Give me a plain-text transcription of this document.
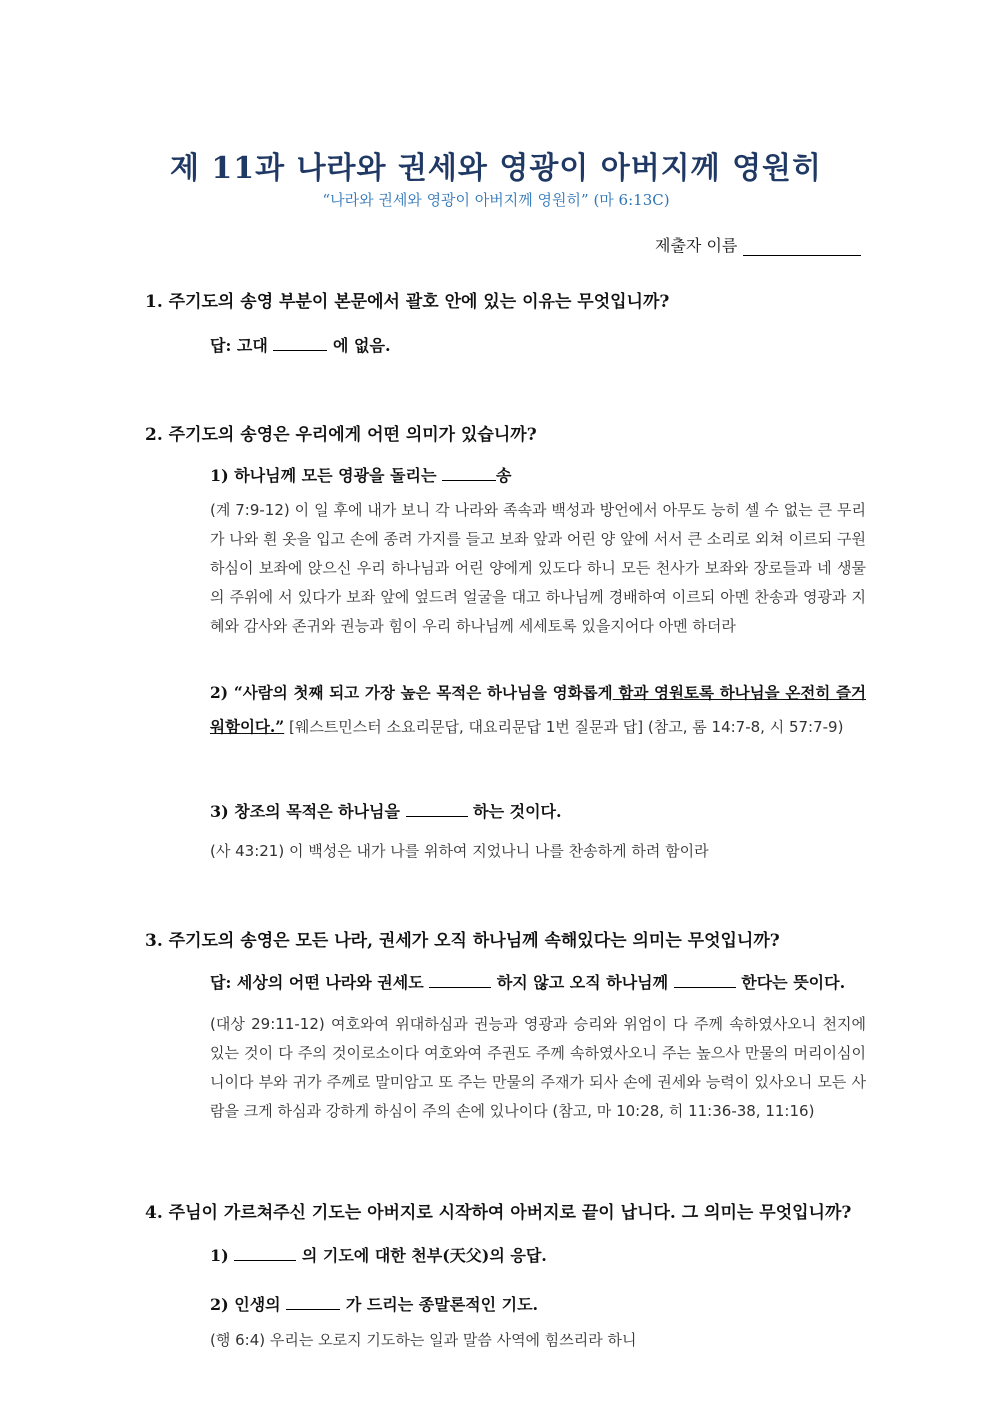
제 11과 나라와 권세와 영광이 아버지께 영원히
“나라와 권세와 영광이 아버지께 영원히” (마 6:13C)
제출자 이름
1. 주기도의 송영 부분이 본문에서 괄호 안에 있는 이유는 무엇입니까?
답: 고대	에 없음.
2. 주기도의 송영은 우리에게 어떤 의미가 있습니까?
1) 하나님께 모든 영광을 돌리는	송
(계 7:9-12) 이 일 후에 내가 보니 각 나라와 족속과 백성과 방언에서 아무도 능히 셀 수 없는 큰 무리가 나와 흰 옷을 입고 손에 종려 가지를 들고 보좌 앞과 어린 양 앞에 서서 큰 소리로 외쳐 이르되 구원하심이 보좌에 앉으신 우리 하나님과 어린 양에게 있도다 하니 모든 천사가 보좌와 장로들과 네 생물의 주위에 서 있다가 보좌 앞에 엎드려 얼굴을 대고 하나님께 경배하여 이르되 아멘 찬송과 영광과 지혜와 감사와 존귀와 권능과 힘이 우리 하나님께 세세토록 있을지어다 아멘 하더라
2) “사람의 첫째 되고 가장 높은 목적은 하나님을 영화롭게 함과 영원토록 하나님을 온전히 즐거워함이다.” [웨스트민스터 소요리문답, 대요리문답 1번 질문과 답] (참고, 롬 14:7-8, 시 57:7-9)
3) 창조의 목적은 하나님을	하는 것이다.
(사 43:21) 이 백성은 내가 나를 위하여 지었나니 나를 찬송하게 하려 함이라
3. 주기도의 송영은 모든 나라, 권세가 오직 하나님께 속해있다는 의미는 무엇입니까?
답: 세상의 어떤 나라와 권세도	하지 않고 오직 하나님께	한다는 뜻이다.
(대상 29:11-12) 여호와여 위대하심과 권능과 영광과 승리와 위엄이 다 주께 속하였사오니 천지에 있는 것이 다 주의 것이로소이다 여호와여 주권도 주께 속하였사오니 주는 높으사 만물의 머리이심이니이다 부와 귀가 주께로 말미암고 또 주는 만물의 주재가 되사 손에 권세와 능력이 있사오니 모든 사람을 크게 하심과 강하게 하심이 주의 손에 있나이다 (참고, 마 10:28, 히 11:36-38, 11:16)
4. 주님이 가르쳐주신 기도는 아버지로 시작하여 아버지로 끝이 납니다. 그 의미는 무엇입니까?
1)	의 기도에 대한 천부(天父)의 응답.
2) 인생의	가 드리는 종말론적인 기도.
(행 6:4) 우리는 오로지 기도하는 일과 말씀 사역에 힘쓰리라 하니
